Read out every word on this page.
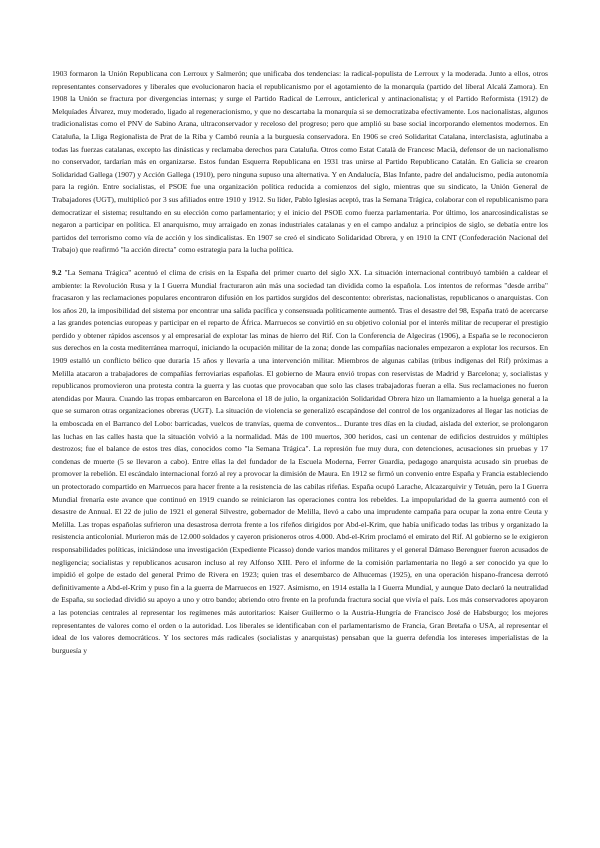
1903 formaron la Unión Republicana con Lerroux y Salmerón; que unificaba dos tendencias: la radical-populista de Lerroux y la moderada. Junto a ellos, otros representantes conservadores y liberales que evolucionaron hacia el republicanismo por el agotamiento de la monarquía (partido del liberal Alcalá Zamora). En 1908 la Unión se fractura por divergencias internas; y surge el Partido Radical de Lerroux, anticlerical y antinacionalista; y el Partido Reformista (1912) de Melquíades Álvarez, muy moderado, ligado al regeneracionismo, y que no descartaba la monarquía si se democratizaba efectivamente. Los nacionalistas, algunos tradicionalistas como el PNV de Sabino Arana, ultraconservador y receloso del progreso; pero que amplió su base social incorporando elementos modernos. En Cataluña, la Lliga Regionalista de Prat de la Riba y Cambó reunía a la burguesía conservadora. En 1906 se creó Solidaritat Catalana, interclasista, aglutinaba a todas las fuerzas catalanas, excepto las dinásticas y reclamaba derechos para Cataluña. Otros como Estat Català de Francesc Macià, defensor de un nacionalismo no conservador, tardarían más en organizarse. Estos fundan Esquerra Republicana en 1931 tras unirse al Partido Republicano Catalán. En Galicia se crearon Solidaridad Gallega (1907) y Acción Gallega (1910), pero ninguna supuso una alternativa. Y en Andalucía, Blas Infante, padre del andalucismo, pedía autonomía para la región. Entre socialistas, el PSOE fue una organización política reducida a comienzos del siglo, mientras que su sindicato, la Unión General de Trabajadores (UGT), multiplicó por 3 sus afiliados entre 1910 y 1912. Su líder, Pablo Iglesias aceptó, tras la Semana Trágica, colaborar con el republicanismo para democratizar el sistema; resultando en su elección como parlamentario; y el inicio del PSOE como fuerza parlamentaria. Por último, los anarcosindicalistas se negaron a participar en política. El anarquismo, muy arraigado en zonas industriales catalanas y en el campo andaluz a principios de siglo, se debatía entre los partidos del terrorismo como vía de acción y los sindicalistas. En 1907 se creó el sindicato Solidaridad Obrera, y en 1910 la CNT (Confederación Nacional del Trabajo) que reafirmó "la acción directa" como estrategia para la lucha política.

9.2 "La Semana Trágica" acentuó el clima de crisis en la España del primer cuarto del siglo XX. La situación internacional contribuyó también a caldear el ambiente: la Revolución Rusa y la I Guerra Mundial fracturaron aún más una sociedad tan dividida como la española. Los intentos de reformas "desde arriba" fracasaron y las reclamaciones populares encontraron difusión en los partidos surgidos del descontento: obreristas, nacionalistas, republicanos o anarquistas. Con los años 20, la imposibilidad del sistema por encontrar una salida pacífica y consensuada políticamente aumentó. Tras el desastre del 98, España trató de acercarse a las grandes potencias europeas y participar en el reparto de África. Marruecos se convirtió en su objetivo colonial por el interés militar de recuperar el prestigio perdido y obtener rápidos ascensos y al empresarial de explotar las minas de hierro del Rif. Con la Conferencia de Algeciras (1906), a España se le reconocieron sus derechos en la costa mediterránea marroquí, iniciando la ocupación militar de la zona; donde las compañías nacionales empezaron a explotar los recursos. En 1909 estalló un conflicto bélico que duraría 15 años y llevaría a una intervención militar. Miembros de algunas cabilas (tribus indígenas del Rif) próximas a Melilla atacaron a trabajadores de compañías ferroviarias españolas. El gobierno de Maura envió tropas con reservistas de Madrid y Barcelona; y, socialistas y republicanos promovieron una protesta contra la guerra y las cuotas que provocaban que solo las clases trabajadoras fueran a ella. Sus reclamaciones no fueron atendidas por Maura. Cuando las tropas embarcaron en Barcelona el 18 de julio, la organización Solidaridad Obrera hizo un llamamiento a la huelga general a la que se sumaron otras organizaciones obreras (UGT). La situación de violencia se generalizó escapándose del control de los organizadores al llegar las noticias de la emboscada en el Barranco del Lobo: barricadas, vuelcos de tranvías, quema de conventos... Durante tres días en la ciudad, aislada del exterior, se prolongaron las luchas en las calles hasta que la situación volvió a la normalidad. Más de 100 muertos, 300 heridos, casi un centenar de edificios destruidos y múltiples destrozos; fue el balance de estos tres días, conocidos como "la Semana Trágica". La represión fue muy dura, con detenciones, acusaciones sin pruebas y 17 condenas de muerte (5 se llevaron a cabo). Entre ellas la del fundador de la Escuela Moderna, Ferrer Guardia, pedagogo anarquista acusado sin pruebas de promover la rebelión. El escándalo internacional forzó al rey a provocar la dimisión de Maura. En 1912 se firmó un convenio entre España y Francia estableciendo un protectorado compartido en Marruecos para hacer frente a la resistencia de las cabilas rifeñas. España ocupó Larache, Alcazarquivir y Tetuán, pero la I Guerra Mundial frenaría este avance que continuó en 1919 cuando se reiniciaron las operaciones contra los rebeldes. La impopularidad de la guerra aumentó con el desastre de Annual. El 22 de julio de 1921 el general Silvestre, gobernador de Melilla, llevó a cabo una imprudente campaña para ocupar la zona entre Ceuta y Melilla. Las tropas españolas sufrieron una desastrosa derrota frente a los rifeños dirigidos por Abd-el-Krim, que había unificado todas las tribus y organizado la resistencia anticolonial. Murieron más de 12.000 soldados y cayeron prisioneros otros 4.000. Abd-el-Krim proclamó el emirato del Rif. Al gobierno se le exigieron responsabilidades políticas, iniciándose una investigación (Expediente Picasso) donde varios mandos militares y el general Dámaso Berenguer fueron acusados de negligencia; socialistas y republicanos acusaron incluso al rey Alfonso XIII. Pero el informe de la comisión parlamentaria no llegó a ser conocido ya que lo impidió el golpe de estado del general Primo de Rivera en 1923; quien tras el desembarco de Alhucemas (1925), en una operación hispano-francesa derrotó definitivamente a Abd-el-Krim y puso fin a la guerra de Marruecos en 1927. Asimismo, en 1914 estalla la I Guerra Mundial, y aunque Dato declaró la neutralidad de España, su sociedad dividió su apoyo a uno y otro bando; abriendo otro frente en la profunda fractura social que vivía el país. Los más conservadores apoyaron a las potencias centrales al representar los regímenes más autoritarios: Kaiser Guillermo o la Austria-Hungría de Francisco José de Habsburgo; los mejores representantes de valores como el orden o la autoridad. Los liberales se identificaban con el parlamentarismo de Francia, Gran Bretaña o USA, al representar el ideal de los valores democráticos. Y los sectores más radicales (socialistas y anarquistas) pensaban que la guerra defendía los intereses imperialistas de la burguesía y
